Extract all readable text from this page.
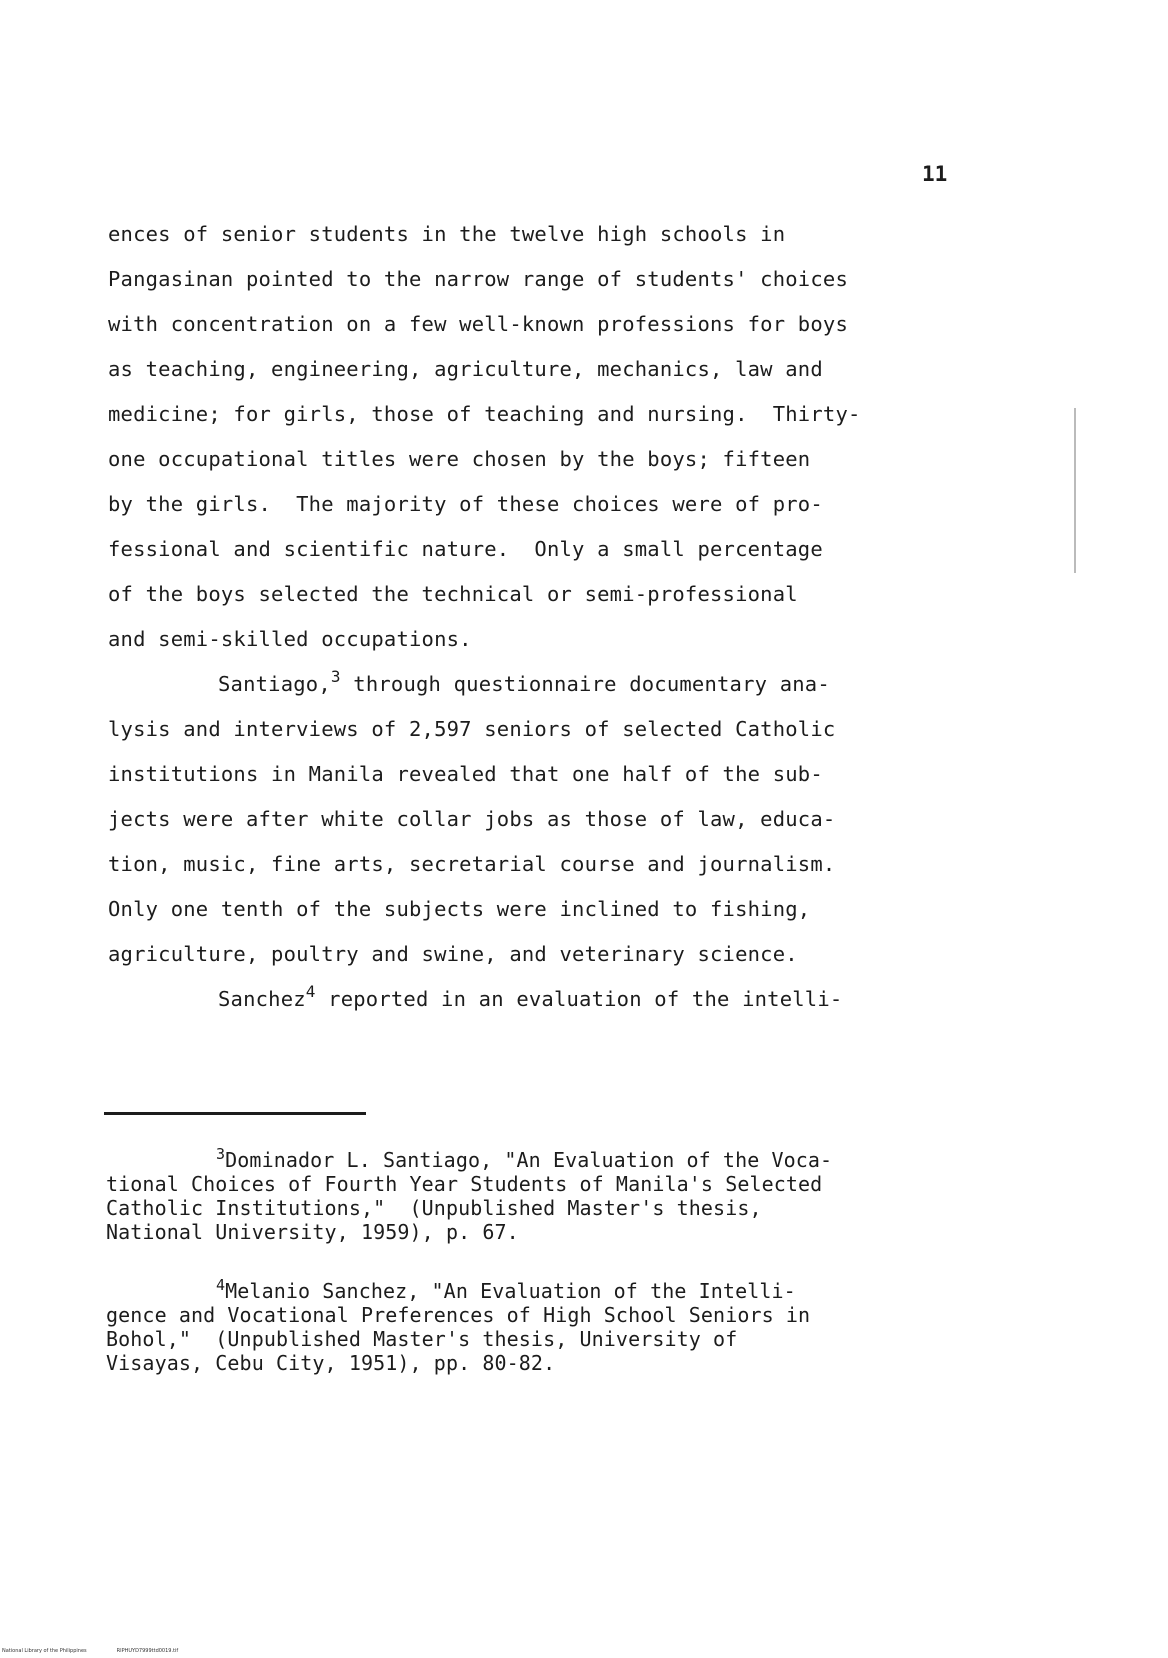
11
ences of senior students in the twelve high schools in
Pangasinan pointed to the narrow range of students' choices
with concentration on a few well-known professions for boys
as teaching, engineering, agriculture, mechanics, law and
medicine; for girls, those of teaching and nursing.  Thirty-
one occupational titles were chosen by the boys; fifteen
by the girls.  The majority of these choices were of pro-
fessional and scientific nature.  Only a small percentage
of the boys selected the technical or semi-professional
and semi-skilled occupations.
Santiago,$^3$ through questionnaire documentary ana-
lysis and interviews of 2,597 seniors of selected Catholic
institutions in Manila revealed that one half of the sub-
jects were after white collar jobs as those of law, educa-
tion, music, fine arts, secretarial course and journalism.
Only one tenth of the subjects were inclined to fishing,
agriculture, poultry and swine, and veterinary science.
Sanchez$^4$ reported in an evaluation of the intelli-
$^3$Dominador L. Santiago, "An Evaluation of the Voca-
tional Choices of Fourth Year Students of Manila's Selected
Catholic Institutions,"  (Unpublished Master's thesis,
National University, 1959), p. 67.
$^4$Melanio Sanchez, "An Evaluation of the Intelli-
gence and Vocational Preferences of High School Seniors in
Bohol,"  (Unpublished Master's thesis, University of
Visayas, Cebu City, 1951), pp. 80-82.
National Library of the Philippines	RIPHUYD7999ttd0019.tif
